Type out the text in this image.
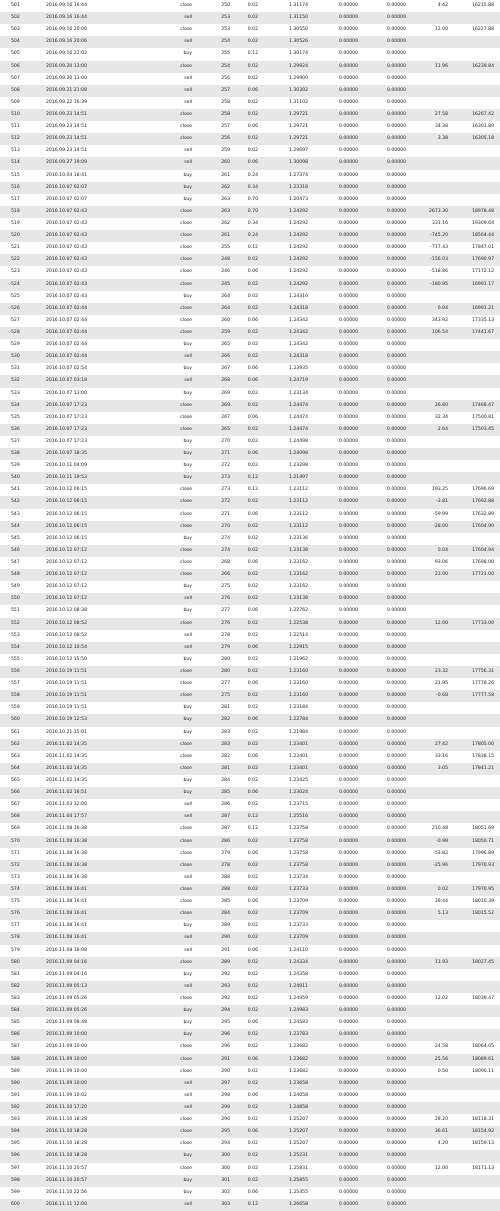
501	2016.09.16 16:44	close	250	0.02	1.31174	0.00000	0.00000	4.42	16215.88
502	2016.09.16 16:44	sell	253	0.02	1.31150	0.00000	0.00000		
503	2016.09.16 20:06	close	253	0.02	1.30550	0.00000	0.00000	12.00	16227.88
504	2016.09.16 20:06	sell	254	0.02	1.30526	0.00000	0.00000		
505	2016.09.16 21:02	buy	255	0.12	1.30174	0.00000	0.00000		
506	2016.09.20 13:00	close	254	0.02	1.29924	0.00000	0.00000	11.96	16239.84
507	2016.09.20 13:00	sell	256	0.02	1.29900	0.00000	0.00000		
508	2016.09.21 21:08	sell	257	0.06	1.30302	0.00000	0.00000		
509	2016.09.22 16:39	sell	258	0.02	1.31102	0.00000	0.00000		
510	2016.09.23 14:51	close	258	0.02	1.29721	0.00000	0.00000	27.58	16267.42
511	2016.09.23 14:51	close	257	0.06	1.29721	0.00000	0.00000	34.38	16301.80
512	2016.09.23 14:51	close	256	0.02	1.29721	0.00000	0.00000	3.38	16305.18
513	2016.09.23 14:51	sell	259	0.02	1.29697	0.00000	0.00000		
514	2016.09.27 19:09	sell	260	0.06	1.30098	0.00000	0.00000		
515	2016.10.04 18:41	buy	261	0.24	1.27374	0.00000	0.00000		
516	2016.10.07 02:07	buy	262	0.34	1.23318	0.00000	0.00000		
517	2016.10.07 02:07	buy	263	0.70	1.20473	0.00000	0.00000		
518	2016.10.07 02:43	close	263	0.70	1.24292	0.00000	0.00000	2673.30	18978.48
519	2016.10.07 02:43	close	262	0.34	1.24292	0.00000	0.00000	331.16	19309.64
520	2016.10.07 02:43	close	261	0.24	1.24292	0.00000	0.00000	-745.20	18564.44
521	2016.10.07 02:43	close	255	0.12	1.24292	0.00000	0.00000	-717.43	17847.01
522	2016.10.07 02:43	close	248	0.02	1.24292	0.00000	0.00000	-156.03	17690.97
523	2016.10.07 02:43	close	246	0.06	1.24292	0.00000	0.00000	-518.86	17172.12
524	2016.10.07 02:43	close	245	0.02	1.24292	0.00000	0.00000	-180.95	16991.17
525	2016.10.07 02:43	buy	264	0.02	1.24316	0.00000	0.00000		
526	2016.10.07 02:44	close	264	0.02	1.24318	0.00000	0.00000	0.04	16991.21
527	2016.10.07 02:44	close	260	0.06	1.24342	0.00000	0.00000	343.92	17335.13
528	2016.10.07 02:44	close	259	0.02	1.24342	0.00000	0.00000	106.54	17441.67
529	2016.10.07 02:44	buy	265	0.02	1.24342	0.00000	0.00000		
530	2016.10.07 02:44	sell	266	0.02	1.24318	0.00000	0.00000		
531	2016.10.07 02:54	buy	267	0.06	1.23935	0.00000	0.00000		
532	2016.10.07 03:18	sell	268	0.06	1.24719	0.00000	0.00000		
533	2016.10.07 13:00	buy	269	0.02	1.23134	0.00000	0.00000		
534	2016.10.07 17:23	close	269	0.02	1.24474	0.00000	0.00000	26.80	17468.47
535	2016.10.07 17:23	close	267	0.06	1.24474	0.00000	0.00000	32.34	17500.81
536	2016.10.07 17:23	close	265	0.02	1.24474	0.00000	0.00000	2.64	17503.45
537	2016.10.07 17:23	buy	270	0.02	1.24498	0.00000	0.00000		
538	2016.10.07 18:35	buy	271	0.06	1.24098	0.00000	0.00000		
539	2016.10.11 04:09	buy	272	0.02	1.23298	0.00000	0.00000		
540	2016.10.11 19:53	buy	273	0.12	1.21497	0.00000	0.00000		
541	2016.10.12 06:15	close	273	0.12	1.23112	0.00000	0.00000	193.25	17696.69
542	2016.10.12 06:15	close	272	0.02	1.23112	0.00000	0.00000	-3.81	17692.88
543	2016.10.12 06:15	close	271	0.06	1.23112	0.00000	0.00000	-59.99	17632.89
544	2016.10.12 06:15	close	270	0.02	1.23112	0.00000	0.00000	-28.00	17604.90
545	2016.10.12 06:15	buy	274	0.02	1.23136	0.00000	0.00000		
546	2016.10.12 07:12	close	274	0.02	1.23138	0.00000	0.00000	0.04	17604.94
547	2016.10.12 07:12	close	268	0.06	1.23162	0.00000	0.00000	93.06	17698.00
548	2016.10.12 07:12	close	266	0.02	1.23162	0.00000	0.00000	23.00	17721.00
549	2016.10.12 07:12	buy	275	0.02	1.23162	0.00000	0.00000		
550	2016.10.12 07:12	sell	276	0.02	1.23138	0.00000	0.00000		
551	2016.10.12 08:38	buy	277	0.06	1.22762	0.00000	0.00000		
552	2016.10.12 08:52	close	276	0.02	1.22538	0.00000	0.00000	12.00	17733.00
553	2016.10.12 08:52	sell	278	0.02	1.22514	0.00000	0.00000		
554	2016.10.12 10:54	sell	279	0.06	1.22915	0.00000	0.00000		
555	2016.10.12 15:50	buy	280	0.02	1.21962	0.00000	0.00000		
556	2016.10.19 11:51	close	280	0.02	1.23160	0.00000	0.00000	23.32	17756.31
557	2016.10.19 11:51	close	277	0.06	1.23160	0.00000	0.00000	21.95	17778.26
558	2016.10.19 11:51	close	275	0.02	1.23160	0.00000	0.00000	-0.68	17777.58
559	2016.10.19 11:51	buy	281	0.02	1.23184	0.00000	0.00000		
560	2016.10.19 12:53	buy	282	0.06	1.22784	0.00000	0.00000		
561	2016.10.21 15:01	buy	283	0.02	1.21984	0.00000	0.00000		
562	2016.11.02 14:35	close	283	0.02	1.23401	0.00000	0.00000	27.42	17805.00
563	2016.11.02 14:35	close	282	0.06	1.23401	0.00000	0.00000	33.16	17838.15
564	2016.11.02 14:35	close	281	0.02	1.23401	0.00000	0.00000	3.05	17841.21
565	2016.11.02 14:35	buy	284	0.02	1.23425	0.00000	0.00000		
566	2016.11.02 16:51	buy	285	0.06	1.23024	0.00000	0.00000		
567	2016.11.03 12:00	sell	286	0.02	1.23715	0.00000	0.00000		
568	2016.11.04 17:57	sell	287	0.12	1.25516	0.00000	0.00000		
569	2016.11.08 16:38	close	287	0.12	1.23758	0.00000	0.00000	210.48	18051.69
570	2016.11.08 16:38	close	286	0.02	1.23758	0.00000	0.00000	-0.98	18050.71
571	2016.11.08 16:38	close	279	0.06	1.23758	0.00000	0.00000	-53.82	17996.89
572	2016.11.08 16:38	close	278	0.02	1.23758	0.00000	0.00000	-25.96	17970.93
573	2016.11.08 16:38	sell	288	0.02	1.23734	0.00000	0.00000		
574	2016.11.08 16:41	close	288	0.02	1.23733	0.00000	0.00000	0.02	17970.95
575	2016.11.08 16:41	close	285	0.06	1.23709	0.00000	0.00000	39.44	18010.39
576	2016.11.08 16:41	close	284	0.02	1.23709	0.00000	0.00000	5.13	18015.52
577	2016.11.08 16:41	buy	289	0.02	1.23733	0.00000	0.00000		
578	2016.11.08 16:41	sell	290	0.02	1.23709	0.00000	0.00000		
579	2016.11.08 18:08	sell	291	0.06	1.24110	0.00000	0.00000		
580	2016.11.09 04:16	close	289	0.02	1.24334	0.00000	0.00000	11.93	18027.45
581	2016.11.09 04:16	buy	292	0.02	1.24358	0.00000	0.00000		
582	2016.11.09 05:13	sell	293	0.02	1.24911	0.00000	0.00000		
583	2016.11.09 05:26	close	292	0.02	1.24959	0.00000	0.00000	12.02	18039.47
584	2016.11.09 05:26	buy	294	0.02	1.24983	0.00000	0.00000		
585	2016.11.09 08:48	buy	295	0.06	1.24583	0.00000	0.00000		
586	2016.11.09 10:00	buy	296	0.02	1.23783	0.00000	0.00000		
587	2016.11.09 10:00	close	296	0.02	1.23682	0.00000	0.00000	24.58	18064.05
588	2016.11.09 10:00	close	291	0.06	1.23682	0.00000	0.00000	25.56	18089.61
589	2016.11.09 10:00	close	290	0.02	1.23682	0.00000	0.00000	0.50	18090.11
590	2016.11.09 10:00	sell	297	0.02	1.23658	0.00000	0.00000		
591	2016.11.09 10:02	sell	298	0.06	1.24058	0.00000	0.00000		
592	2016.11.10 17:20	sell	299	0.02	1.24858	0.00000	0.00000		
593	2016.11.10 18:28	close	296	0.02	1.25207	0.00000	0.00000	28.20	18118.31
594	2016.11.10 18:28	close	295	0.06	1.25207	0.00000	0.00000	36.61	18154.92
595	2016.11.10 18:28	close	294	0.02	1.25207	0.00000	0.00000	4.20	18159.13
596	2016.11.10 18:28	buy	300	0.02	1.25231	0.00000	0.00000		
597	2016.11.10 20:57	close	300	0.02	1.25831	0.00000	0.00000	12.00	18171.13
598	2016.11.10 20:57	buy	301	0.02	1.25855	0.00000	0.00000		
599	2016.11.10 22:56	buy	302	0.06	1.25455	0.00000	0.00000		
600	2016.11.11 12:00	sell	303	0.12	1.26658	0.00000	0.00000		
